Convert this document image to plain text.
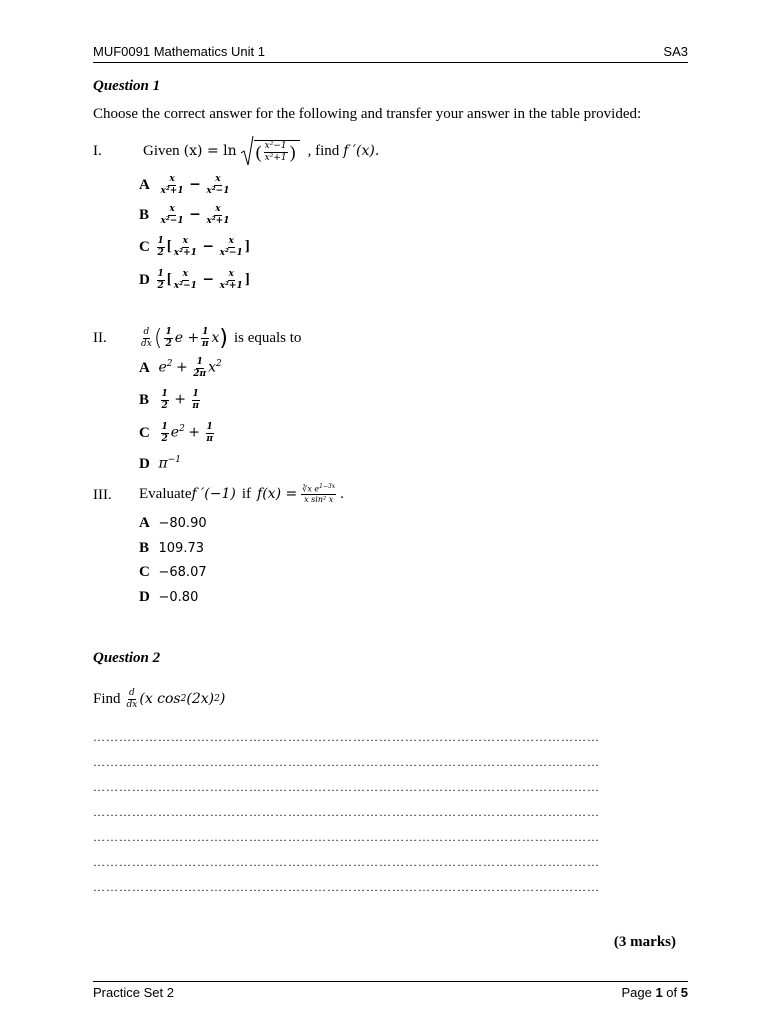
MUF0091 Mathematics Unit 1	SA3
Question 1
Choose the correct answer for the following and transfer your answer in the table provided:
I.	Given (x) = ln ( $\frac{\text{x²−1}}{\text{x²+1}}$ ) , find f ′(x).
A $\frac{x}{\text{x²+1}} - \frac{x}{\text{x²−1}}$
B $\frac{x}{\text{x²−1}} - \frac{x}{\text{x²+1}}$
C $\frac{1}{2}$ [ $\frac{x}{\text{x²+1}} - \frac{x}{\text{x²−1}}$ ]
D $\frac{1}{2}$ [ $\frac{x}{\text{x²−1}} - \frac{x}{\text{x²+1}}$ ]
II.	$\frac{d}{dx}$ ( $\frac{1}{2}$ $e + \frac{1}{\pi}$ x ) is equals to
A $e^2 + \frac{1}{2\pi} x^2$
B $\frac{1}{2} + \frac{1}{\pi}$
C $\frac{1}{2} e^2 + \frac{1}{\pi}$
D $\pi^{-1}$
III. Evaluate f ′(−1) if $f(x) = \frac{∛x e^{1-3x}}{\text{x sin² x}}$ .
A −80.90
B 109.73
C −68.07
D −0.80
Question 2
Find $\frac{d}{dx} (x$ cos 2 (2x) 2 )
………………………………………………………………………………………………………
………………………………………………………………………………………………………
………………………………………………………………………………………………………
………………………………………………………………………………………………………
………………………………………………………………………………………………………
………………………………………………………………………………………………………
………………………………………………………………………………………………………
(3 marks)
Practice Set 2	Page 1 of 5
